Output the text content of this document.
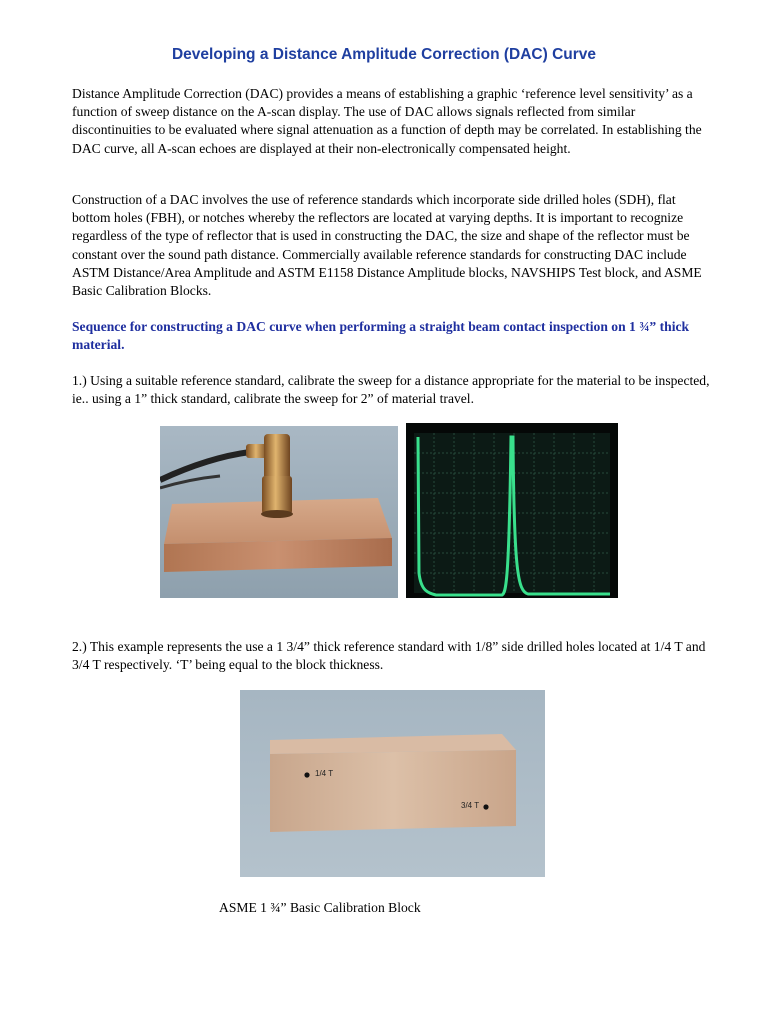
Developing a Distance Amplitude Correction (DAC) Curve

Distance Amplitude Correction (DAC) provides a means of establishing a graphic ‘reference level sensitivity’ as a function of sweep distance on the A-scan display. The use of DAC allows signals reflected from similar discontinuities to be evaluated where signal attenuation as a function of depth may be correlated. In establishing the DAC curve, all A-scan echoes are displayed at their non-electronically compensated height.

Construction of a DAC involves the use of reference standards which incorporate side drilled holes (SDH), flat bottom holes (FBH), or notches whereby the reflectors are located at varying depths. It is important to recognize regardless of the type of reflector that is used in constructing the DAC, the size and shape of the reflector must be constant over the sound path distance. Commercially available reference standards for constructing DAC include ASTM Distance/Area Amplitude and ASTM E1158 Distance Amplitude blocks, NAVSHIPS Test block, and ASME Basic Calibration Blocks.

Sequence for constructing a DAC curve when performing a straight beam contact inspection on 1 ¾” thick material.

1.) Using a suitable reference standard, calibrate the sweep for a distance appropriate for the material to be inspected, ie.. using a 1” thick standard, calibrate the sweep for 2” of material travel.

2.) This example represents the use a 1 3/4” thick reference standard with 1/8” side drilled holes located at 1/4 T and 3/4 T respectively. ‘T’ being equal to the block thickness.

1/4 T
3/4 T
ASME 1 ¾” Basic Calibration Block
